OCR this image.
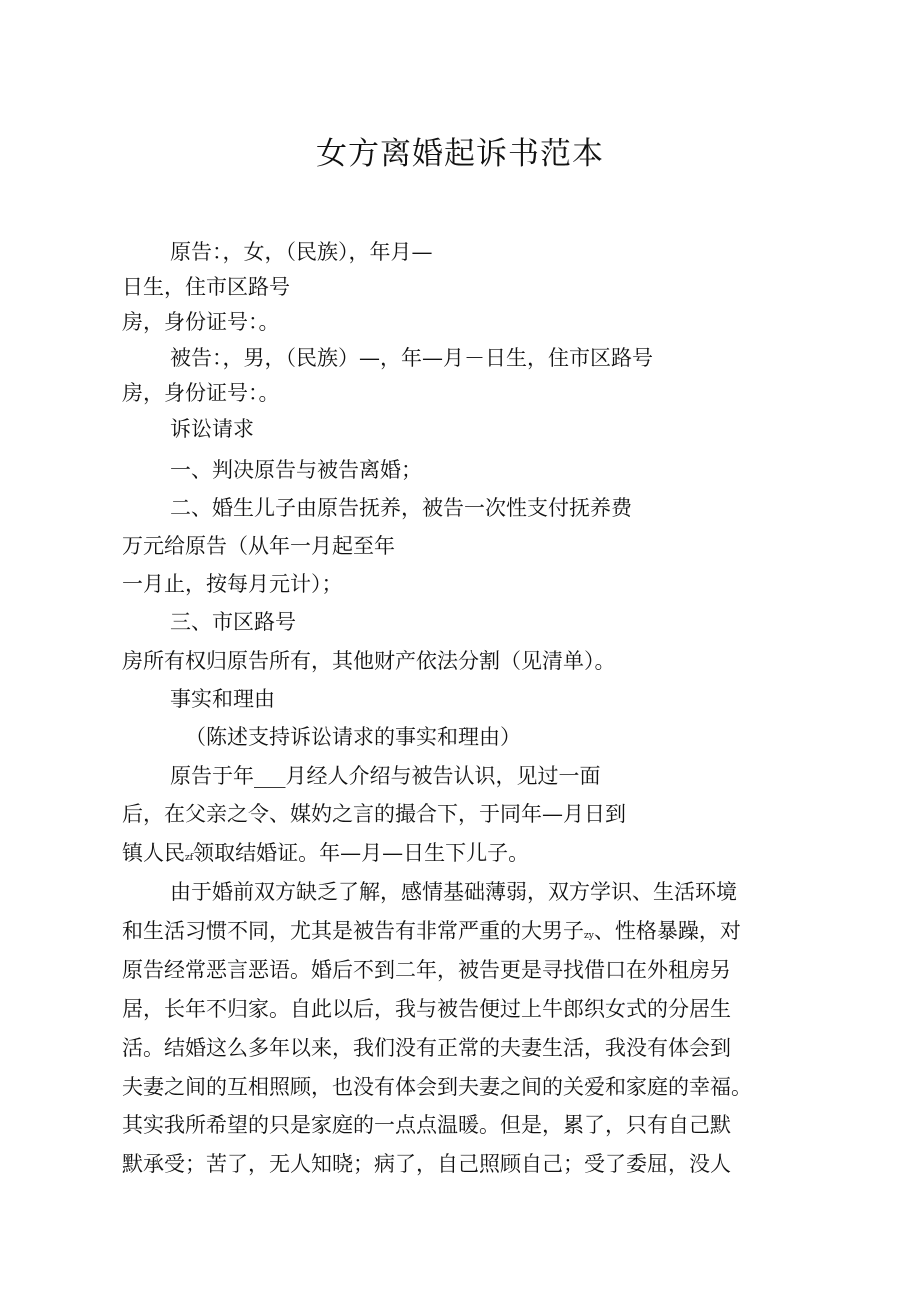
女方离婚起诉书范本
原告：，女，（民族），年月—
日生，住市区路号
房，身份证号：。
被告：，男，（民族）—，年—月－日生，住市区路号
房，身份证号：。
诉讼请求
一、判决原告与被告离婚；
二、婚生儿子由原告抚养，被告一次性支付抚养费
万元给原告（从年一月起至年
一月止，按每月元计）；
三、市区路号
房所有权归原告所有，其他财产依法分割（见清单）。
事实和理由
（陈述支持诉讼请求的事实和理由）
原告于年___月经人介绍与被告认识，见过一面
后，在父亲之令、媒妁之言的撮合下，于同年—月日到
镇人民zf领取结婚证。年—月—日生下儿子。
由于婚前双方缺乏了解，感情基础薄弱，双方学识、生活环境
和生活习惯不同，尤其是被告有非常严重的大男子zy、性格暴躁，对
原告经常恶言恶语。婚后不到二年，被告更是寻找借口在外租房另
居，长年不归家。自此以后，我与被告便过上牛郎织女式的分居生
活。结婚这么多年以来，我们没有正常的夫妻生活，我没有体会到
夫妻之间的互相照顾，也没有体会到夫妻之间的关爱和家庭的幸福。
其实我所希望的只是家庭的一点点温暖。但是，累了，只有自己默
默承受；苦了，无人知晓；病了，自己照顾自己；受了委屈，没人
